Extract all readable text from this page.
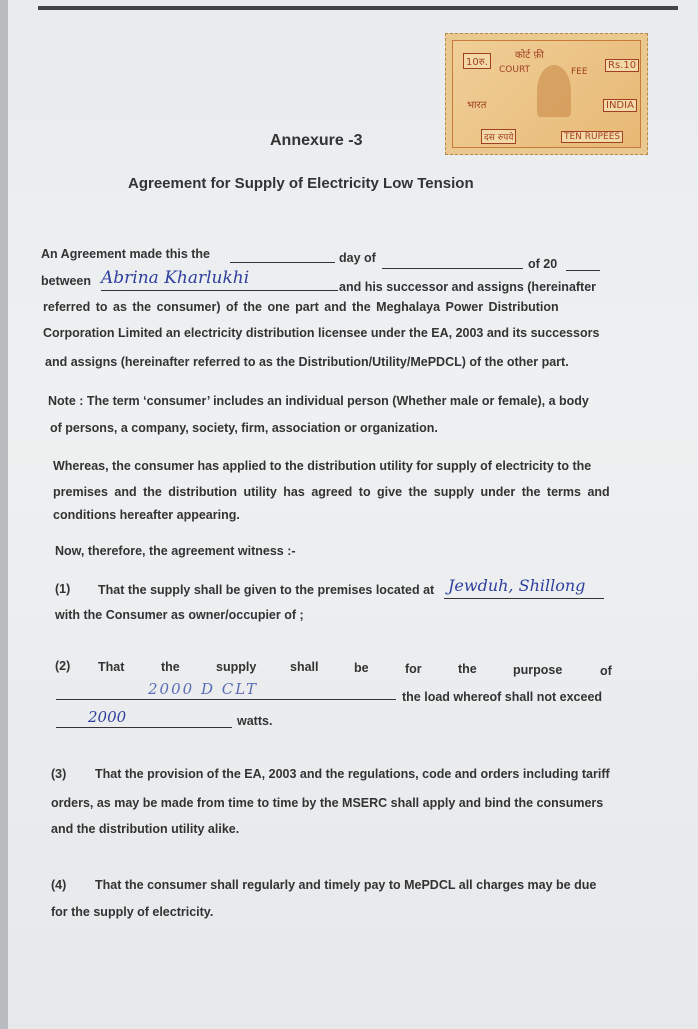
10रु.
कोर्ट फ़ी
COURT	FEE
Rs.10
भारत	INDIA
दस रुपये	TEN RUPEES
Annexure -3
Agreement for Supply of Electricity Low Tension
An Agreement made this the	day of	of 20
between Abrina Kharlukhi	and his successor and assigns (hereinafter
referred to as the consumer) of the one part and the Meghalaya Power Distribution
Corporation Limited an electricity distribution licensee under the EA, 2003 and its successors
and assigns (hereinafter referred to as the Distribution/Utility/MePDCL) of the other part.
Note : The term ‘consumer’ includes an individual person (Whether male or female), a body
of persons, a company, society, firm, association or organization.
Whereas, the consumer has applied to the distribution utility for supply of electricity to the
premises and the distribution utility has agreed to give the supply under the terms and
conditions hereafter appearing.
Now, therefore, the agreement witness :-
(1) That the supply shall be given to the premises located at Jewduh, Shillong
with the Consumer as owner/occupier of ;
(2) That	the	supply	shall	be	for	the	purpose	of
2000 D CLT	the load whereof shall not exceed
2000	watts.
(3) That the provision of the EA, 2003 and the regulations, code and orders including tariff
orders, as may be made from time to time by the MSERC shall apply and bind the consumers
and the distribution utility alike.
(4) That the consumer shall regularly and timely pay to MePDCL all charges may be due
for the supply of electricity.
